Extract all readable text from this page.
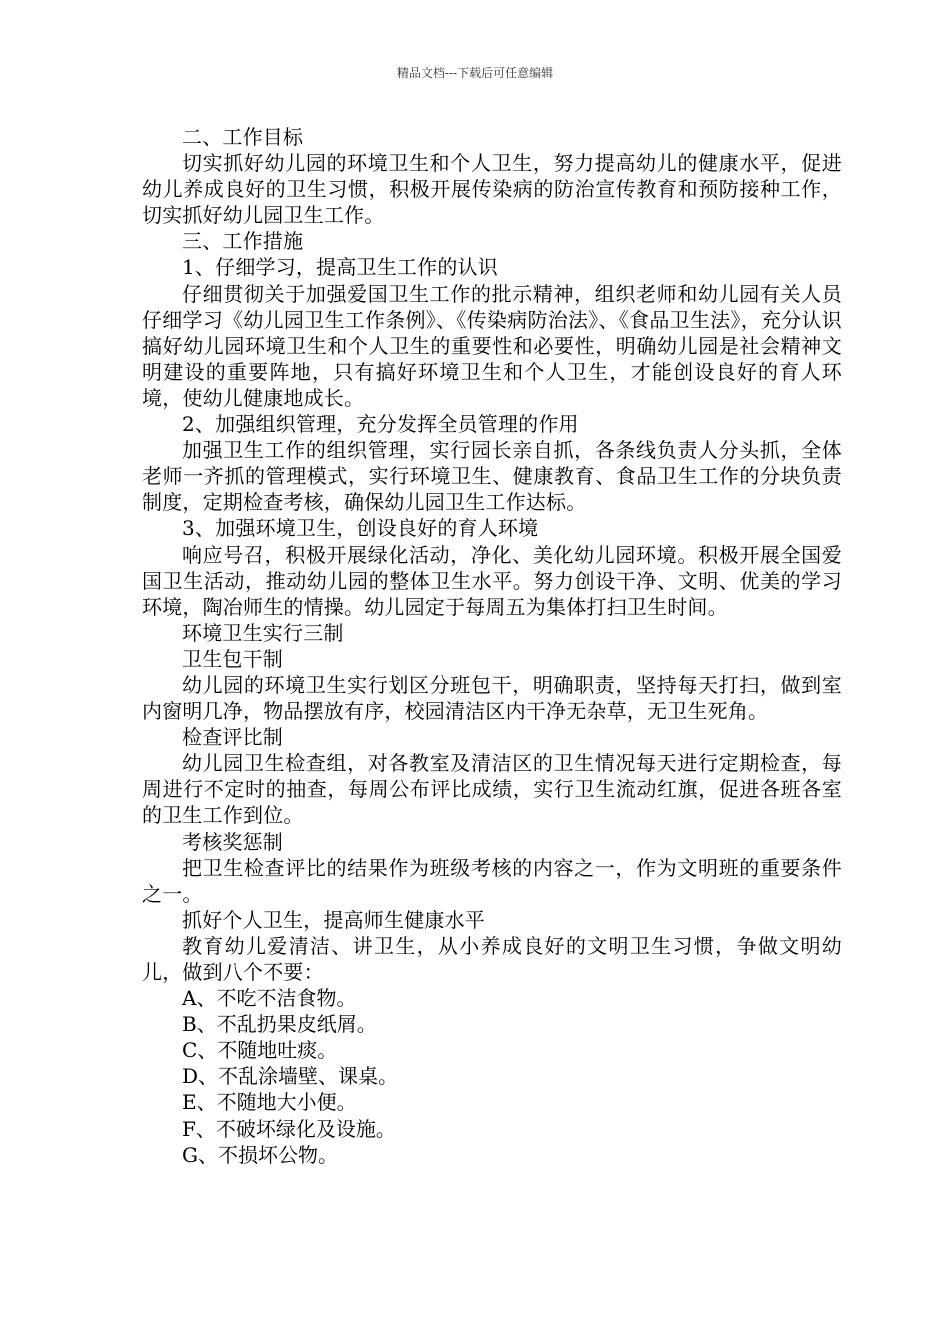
精品文档---下载后可任意编辑

二、工作目标

切实抓好幼儿园的环境卫生和个人卫生，努力提高幼儿的健康水平，促进幼儿养成良好的卫生习惯，积极开展传染病的防治宣传教育和预防接种工作，切实抓好幼儿园卫生工作。

三、工作措施

1、仔细学习，提高卫生工作的认识

仔细贯彻关于加强爱国卫生工作的批示精神，组织老师和幼儿园有关人员仔细学习《幼儿园卫生工作条例》、《传染病防治法》、《食品卫生法》，充分认识搞好幼儿园环境卫生和个人卫生的重要性和必要性，明确幼儿园是社会精神文明建设的重要阵地，只有搞好环境卫生和个人卫生，才能创设良好的育人环境，使幼儿健康地成长。

2、加强组织管理，充分发挥全员管理的作用

加强卫生工作的组织管理，实行园长亲自抓，各条线负责人分头抓，全体老师一齐抓的管理模式，实行环境卫生、健康教育、食品卫生工作的分块负责制度，定期检查考核，确保幼儿园卫生工作达标。

3、加强环境卫生，创设良好的育人环境

响应号召，积极开展绿化活动，净化、美化幼儿园环境。积极开展全国爱国卫生活动，推动幼儿园的整体卫生水平。努力创设干净、文明、优美的学习环境，陶冶师生的情操。幼儿园定于每周五为集体打扫卫生时间。

环境卫生实行三制

卫生包干制

幼儿园的环境卫生实行划区分班包干，明确职责，坚持每天打扫，做到室内窗明几净，物品摆放有序，校园清洁区内干净无杂草，无卫生死角。

检查评比制

幼儿园卫生检查组，对各教室及清洁区的卫生情况每天进行定期检查，每周进行不定时的抽查，每周公布评比成绩，实行卫生流动红旗，促进各班各室的卫生工作到位。

考核奖惩制

把卫生检查评比的结果作为班级考核的内容之一，作为文明班的重要条件之一。

抓好个人卫生，提高师生健康水平

教育幼儿爱清洁、讲卫生，从小养成良好的文明卫生习惯，争做文明幼儿，做到八个不要：

A、不吃不洁食物。

B、不乱扔果皮纸屑。

C、不随地吐痰。

D、不乱涂墙壁、课桌。

E、不随地大小便。

F、不破坏绿化及设施。

G、不损坏公物。
